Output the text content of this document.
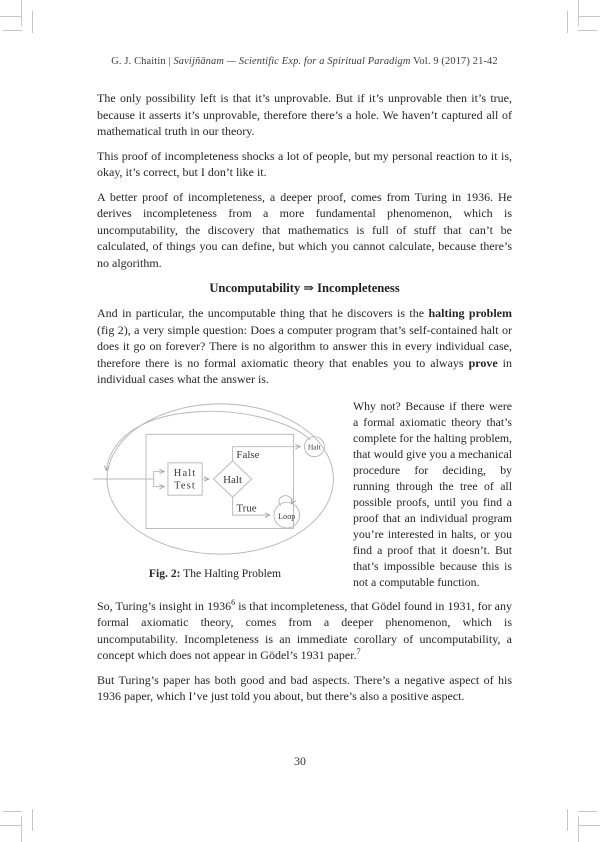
G. J. Chaitin | Savijñānam — Scientific Exp. for a Spiritual Paradigm Vol. 9 (2017) 21-42

The only possibility left is that it’s unprovable. But if it’s unprovable then it’s true, because it asserts it’s unprovable, therefore there’s a hole. We haven’t captured all of mathematical truth in our theory.

This proof of incompleteness shocks a lot of people, but my personal reaction to it is, okay, it’s correct, but I don’t like it.

A better proof of incompleteness, a deeper proof, comes from Turing in 1936. He derives incompleteness from a more fundamental phenomenon, which is uncomputability, the discovery that mathematics is full of stuff that can’t be calculated, of things you can define, but which you cannot calculate, because there’s no algorithm.

Uncomputability ⇒ Incompleteness

And in particular, the uncomputable thing that he discovers is the halting problem (fig 2), a very simple question: Does a computer program that’s self-contained halt or does it go on forever? There is no algorithm to answer this in every individual case, therefore there is no formal axiomatic theory that enables you to always prove in individual cases what the answer is.

Halt
Test
Halt
False
True
Halt
Loop
Fig. 2: The Halting Problem

Why not? Because if there were a formal axiomatic theory that’s complete for the halting problem, that would give you a mechanical procedure for deciding, by running through the tree of all possible proofs, until you find a proof that an individual program you’re interested in halts, or you find a proof that it doesn’t. But that’s impossible because this is not a computable function.

So, Turing’s insight in 1936$^6$ is that incompleteness, that Gödel found in 1931, for any formal axiomatic theory, comes from a deeper phenomenon, which is uncomputability. Incompleteness is an immediate corollary of uncomputability, a concept which does not appear in Gödel’s 1931 paper.$^7$

But Turing’s paper has both good and bad aspects. There’s a negative aspect of his 1936 paper, which I’ve just told you about, but there’s also a positive aspect.

30
